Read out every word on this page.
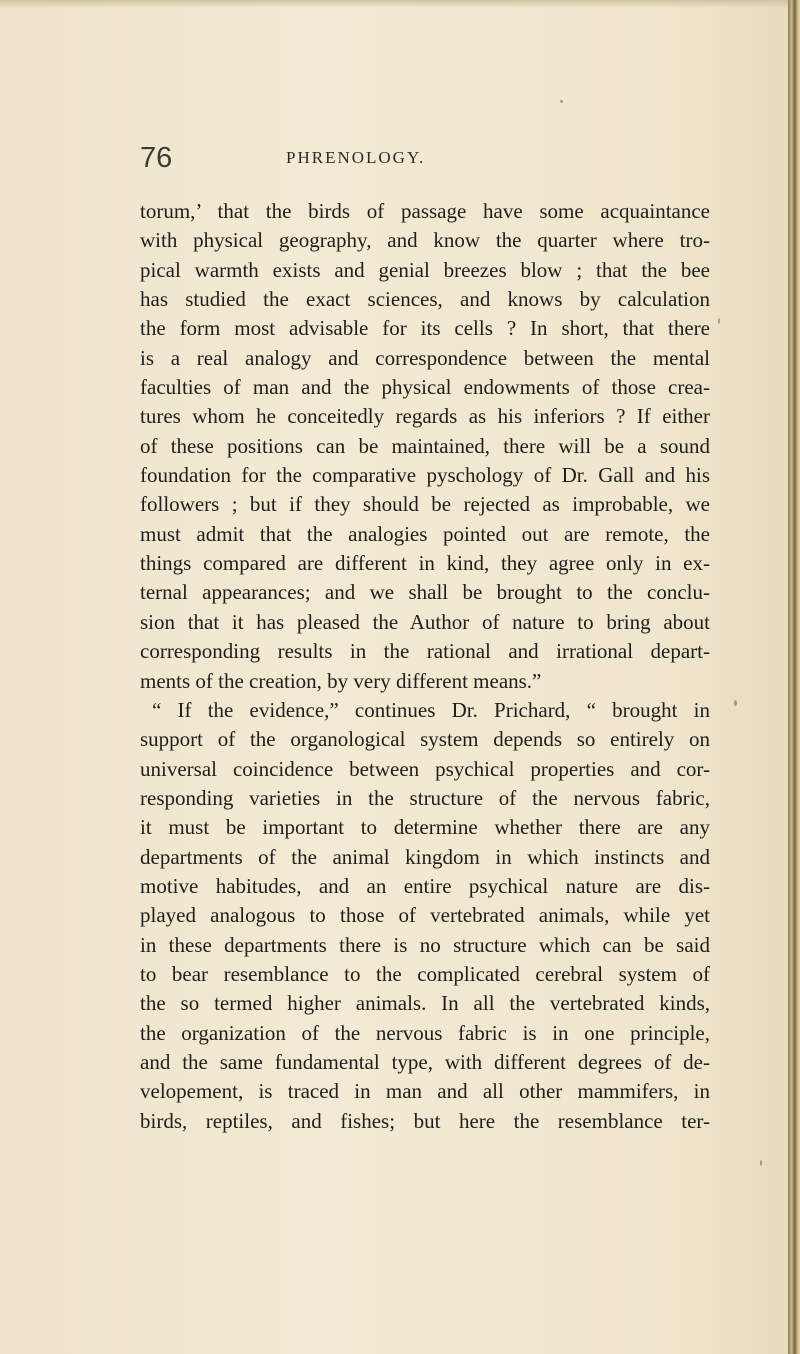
76	PHRENOLOGY.
torum,’ that the birds of passage have some acquaintance
with physical geography, and know the quarter where tro-
pical warmth exists and genial breezes blow ; that the bee
has studied the exact sciences, and knows by calculation
the form most advisable for its cells ? In short, that there
is a real analogy and correspondence between the mental
faculties of man and the physical endowments of those crea-
tures whom he conceitedly regards as his inferiors ? If either
of these positions can be maintained, there will be a sound
foundation for the comparative pyschology of Dr. Gall and his
followers ; but if they should be rejected as improbable, we
must admit that the analogies pointed out are remote, the
things compared are different in kind, they agree only in ex-
ternal appearances; and we shall be brought to the conclu-
sion that it has pleased the Author of nature to bring about
corresponding results in the rational and irrational depart-
ments of the creation, by very different means.”
“ If the evidence,” continues Dr. Prichard, “ brought in
support of the organological system depends so entirely on
universal coincidence between psychical properties and cor-
responding varieties in the structure of the nervous fabric,
it must be important to determine whether there are any
departments of the animal kingdom in which instincts and
motive habitudes, and an entire psychical nature are dis-
played analogous to those of vertebrated animals, while yet
in these departments there is no structure which can be said
to bear resemblance to the complicated cerebral system of
the so termed higher animals. In all the vertebrated kinds,
the organization of the nervous fabric is in one principle,
and the same fundamental type, with different degrees of de-
velopement, is traced in man and all other mammifers, in
birds, reptiles, and fishes; but here the resemblance ter-
